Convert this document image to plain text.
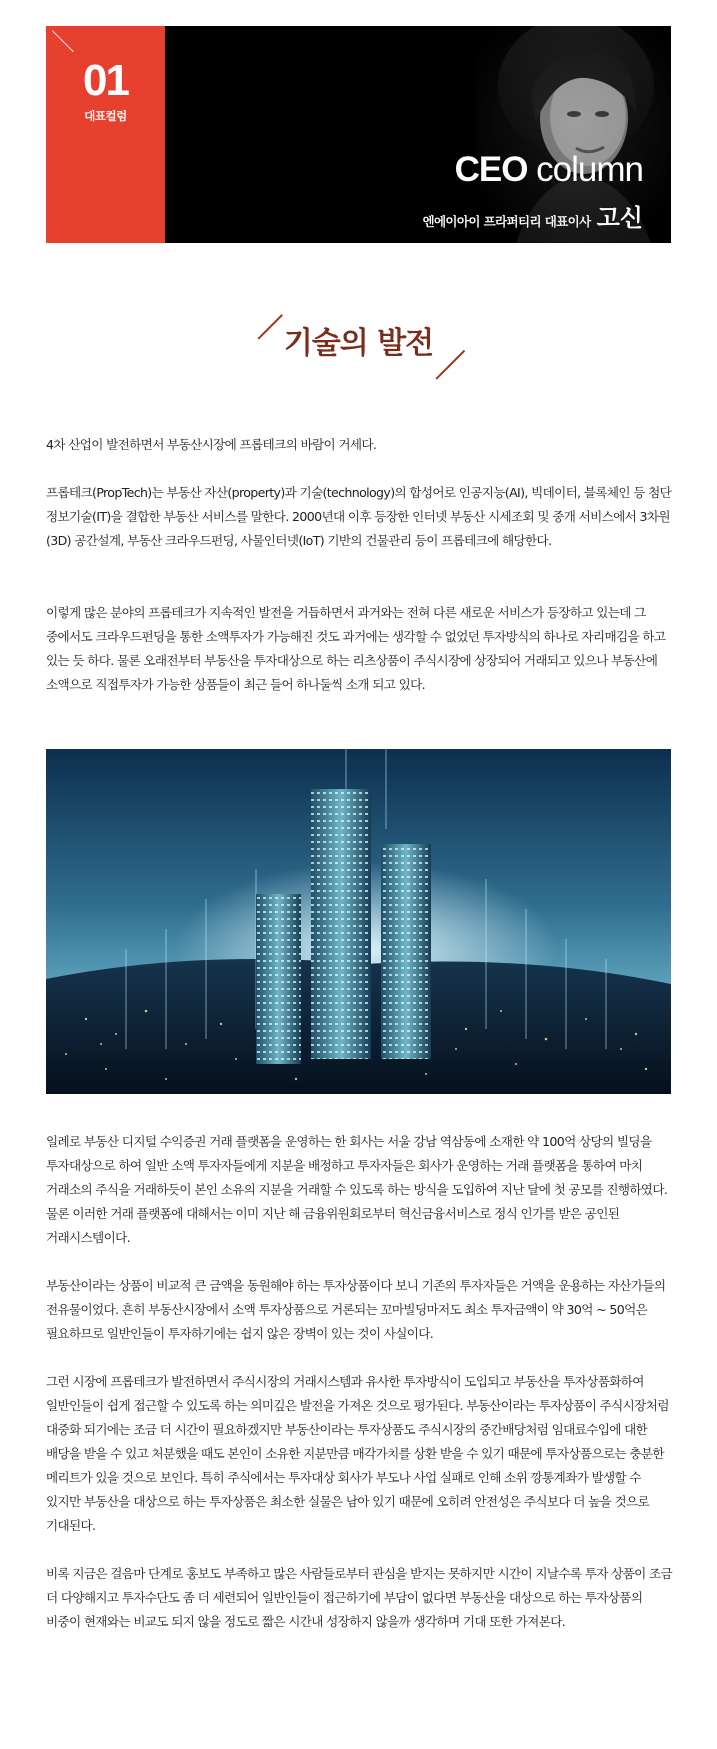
01
대표컬럼
CEO column
엔에이아이 프라퍼티리 대표이사 고신
기술의 발전

4차 산업이 발전하면서 부동산시장에 프롭테크의 바람이 거세다.

프롭테크(PropTech)는 부동산 자산(property)과 기술(technology)의 합성어로 인공지능(AI), 빅데이터, 블록체인 등 첨단 정보기술(IT)을 결합한 부동산 서비스를 말한다. 2000년대 이후 등장한 인터넷 부동산 시세조회 및 중개 서비스에서 3차원(3D) 공간설계, 부동산 크라우드펀딩, 사물인터넷(IoT) 기반의 건물관리 등이 프롭테크에 해당한다.

이렇게 많은 분야의 프롭테크가 지속적인 발전을 거듭하면서 과거와는 전혀 다른 새로운 서비스가 등장하고 있는데 그 중에서도 크라우드펀딩을 통한 소액투자가 가능해진 것도 과거에는 생각할 수 없었던 투자방식의 하나로 자리매김을 하고 있는 듯 하다. 물론 오래전부터 부동산을 투자대상으로 하는 리츠상품이 주식시장에 상장되어 거래되고 있으나 부동산에 소액으로 직접투자가 가능한 상품들이 최근 들어 하나둘씩 소개 되고 있다.

일례로 부동산 디지털 수익증권 거래 플랫폼을 운영하는 한 회사는 서울 강남 역삼동에 소재한 약 100억 상당의 빌딩을 투자대상으로 하여 일반 소액 투자자들에게 지분을 배정하고 투자자들은 회사가 운영하는 거래 플랫폼을 통하여 마치 거래소의 주식을 거래하듯이 본인 소유의 지분을 거래할 수 있도록 하는 방식을 도입하여 지난 달에 첫 공모를 진행하였다. 물론 이러한 거래 플랫폼에 대해서는 이미 지난 해 금융위원회로부터 혁신금융서비스로 정식 인가를 받은 공인된 거래시스템이다.

부동산이라는 상품이 비교적 큰 금액을 동원해야 하는 투자상품이다 보니 기존의 투자자들은 거액을 운용하는 자산가들의 전유물이었다. 흔히 부동산시장에서 소액 투자상품으로 거론되는 꼬마빌딩마저도 최소 투자금액이 약 30억 ~ 50억은 필요하므로 일반인들이 투자하기에는 쉽지 않은 장벽이 있는 것이 사실이다.

그런 시장에 프롭테크가 발전하면서 주식시장의 거래시스템과 유사한 투자방식이 도입되고 부동산을 투자상품화하여 일반인들이 쉽게 접근할 수 있도록 하는 의미깊은 발전을 가져온 것으로 평가된다. 부동산이라는 투자상품이 주식시장처럼 대중화 되기에는 조금 더 시간이 필요하겠지만 부동산이라는 투자상품도 주식시장의 중간배당처럼 임대료수입에 대한 배당을 받을 수 있고 처분했을 때도 본인이 소유한 지분만큼 매각가치를 상환 받을 수 있기 때문에 투자상품으로는 충분한 메리트가 있을 것으로 보인다. 특히 주식에서는 투자대상 회사가 부도나 사업 실패로 인해 소위 깡통계좌가 발생할 수 있지만 부동산을 대상으로 하는 투자상품은 최소한 실물은 남아 있기 때문에 오히려 안전성은 주식보다 더 높을 것으로 기대된다.

비록 지금은 걸음마 단계로 홍보도 부족하고 많은 사람들로부터 관심을 받지는 못하지만 시간이 지날수록 투자 상품이 조금 더 다양해지고 투자수단도 좀 더 세련되어 일반인들이 접근하기에 부담이 없다면 부동산을 대상으로 하는 투자상품의 비중이 현재와는 비교도 되지 않을 정도로 짧은 시간내 성장하지 않을까 생각하며 기대 또한 가져본다.
